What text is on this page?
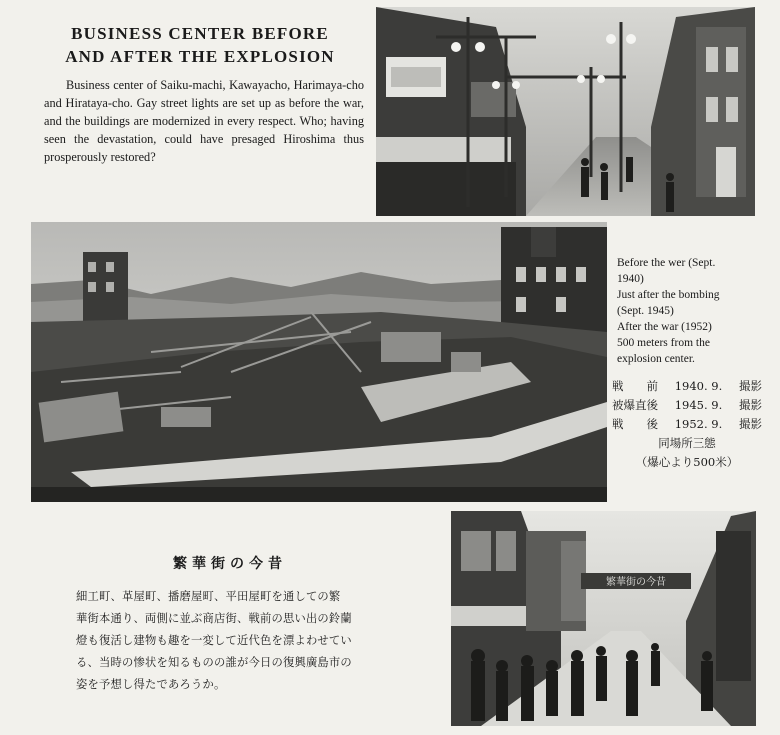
BUSINESS CENTER BEFORE
AND AFTER THE EXPLOSION
Business center of Saiku-machi, Kawayacho, Harimaya-cho and Hirataya-cho. Gay street lights are set up as before the war, and the buildings are modernized in every respect. Who; having seen the devastation, could have presaged Hiroshima thus prosperously restored?
Before the wer (Sept.
1940)
Just after the bombing
(Sept. 1945)
After the war (1952)
500 meters from the
explosion center.
戦　　前 1940. 9. 撮影
被爆直後 1945. 9. 撮影
戦　　後 1952. 9. 撮影
同場所三態
（爆心より500米）
繁華街の今昔
細工町、革屋町、播磨屋町、平田屋町を通しての繁
華街本通り、両側に並ぶ商店街、戦前の思い出の鈴蘭
燈も復活し建物も趣を一変して近代色を漂よわせてい
る、当時の惨状を知るものの誰が今日の復興廣島市の
姿を予想し得たであろうか。
繁華街の今昔
